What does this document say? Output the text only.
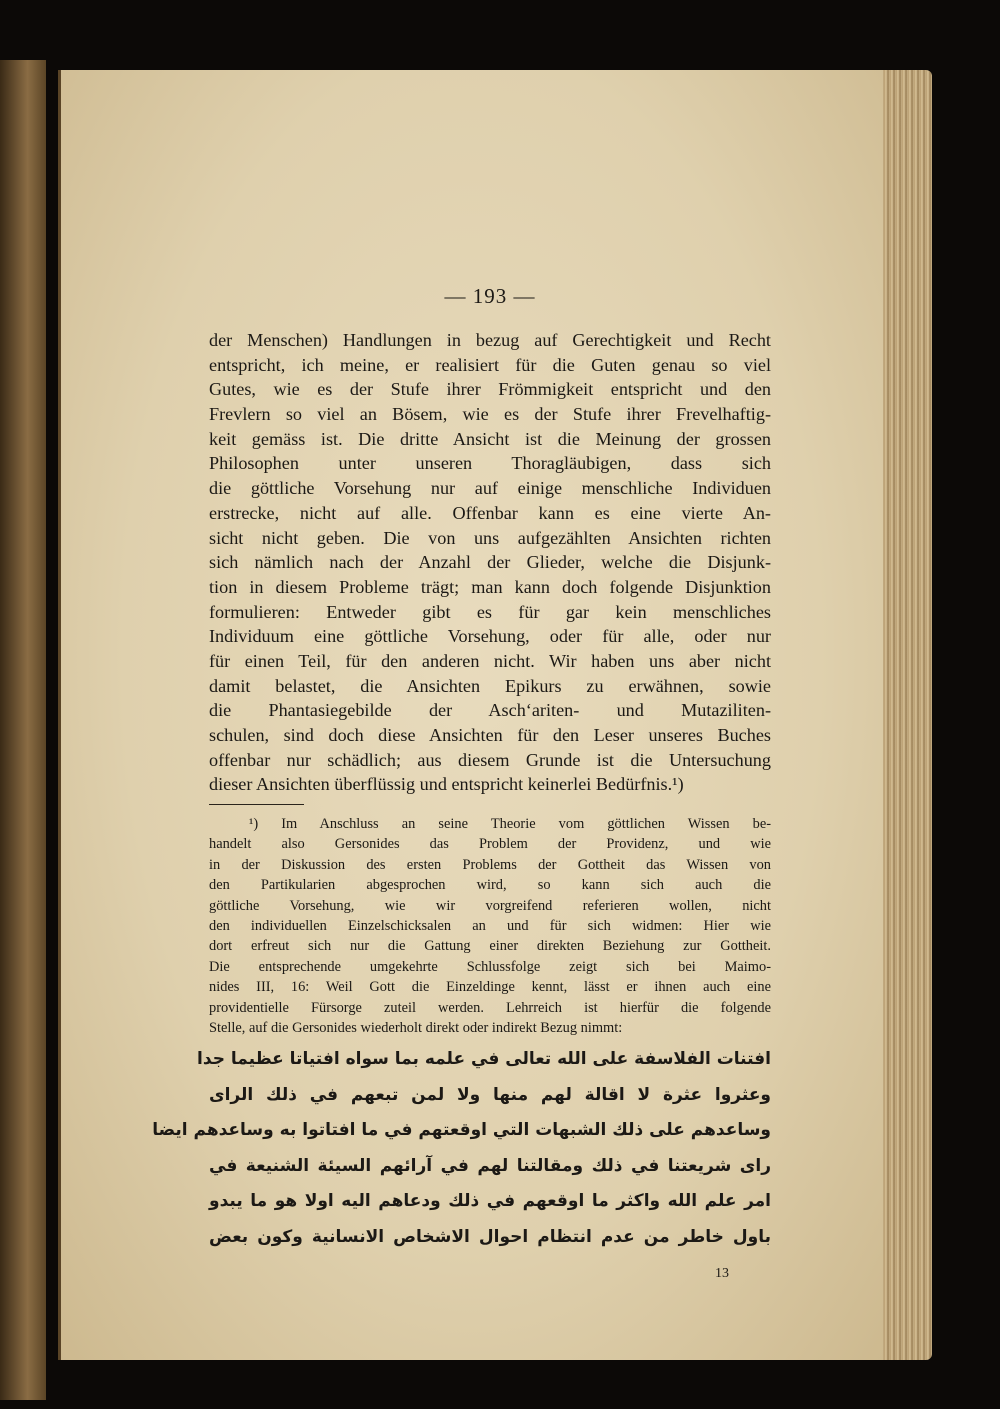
— 193 —
der Menschen) Handlungen in bezug auf Gerechtigkeit und Recht
entspricht, ich meine, er realisiert für die Guten genau so viel
Gutes, wie es der Stufe ihrer Frömmigkeit entspricht und den
Frevlern so viel an Bösem, wie es der Stufe ihrer Frevelhaftig-
keit gemäss ist. Die dritte Ansicht ist die Meinung der grossen
Philosophen unter unseren Thoragläubigen, dass sich
die göttliche Vorsehung nur auf einige menschliche Individuen
erstrecke, nicht auf alle. Offenbar kann es eine vierte An-
sicht nicht geben. Die von uns aufgezählten Ansichten richten
sich nämlich nach der Anzahl der Glieder, welche die Disjunk-
tion in diesem Probleme trägt; man kann doch folgende Disjunktion
formulieren: Entweder gibt es für gar kein menschliches
Individuum eine göttliche Vorsehung, oder für alle, oder nur
für einen Teil, für den anderen nicht. Wir haben uns aber nicht
damit belastet, die Ansichten Epikurs zu erwähnen, sowie
die Phantasiegebilde der Asch‘ariten- und Mutaziliten-
schulen, sind doch diese Ansichten für den Leser unseres Buches
offenbar nur schädlich; aus diesem Grunde ist die Untersuchung
dieser Ansichten überflüssig und entspricht keinerlei Bedürfnis.¹)
¹) Im Anschluss an seine Theorie vom göttlichen Wissen be-
handelt also Gersonides das Problem der Providenz, und wie
in der Diskussion des ersten Problems der Gottheit das Wissen von
den Partikularien abgesprochen wird, so kann sich auch die
göttliche Vorsehung, wie wir vorgreifend referieren wollen, nicht
den individuellen Einzelschicksalen an und für sich widmen: Hier wie
dort erfreut sich nur die Gattung einer direkten Beziehung zur Gottheit.
Die entsprechende umgekehrte Schlussfolge zeigt sich bei Maimo-
nides III, 16: Weil Gott die Einzeldinge kennt, lässt er ihnen auch eine
providentielle Fürsorge zuteil werden. Lehrreich ist hierfür die folgende
Stelle, auf die Gersonides wiederholt direkt oder indirekt Bezug nimmt:
افتنات الفلاسفة على الله تعالى في علمه بما سواه افتياتا عظيما جدا
وعثروا عثرة لا اقالة لهم منها ولا لمن تبعهم في ذلك الراى
وساعدهم على ذلك الشبهات التي اوقعتهم في ما افتاتوا به وساعدهم ايضا
راى شريعتنا في ذلك ومقالتنا لهم في آرائهم السيئة الشنيعة في
امر علم الله واكثر ما اوقعهم في ذلك ودعاهم اليه اولا هو ما يبدو
باول خاطر من عدم انتظام احوال الاشخاص الانسانية وكون بعض
13
